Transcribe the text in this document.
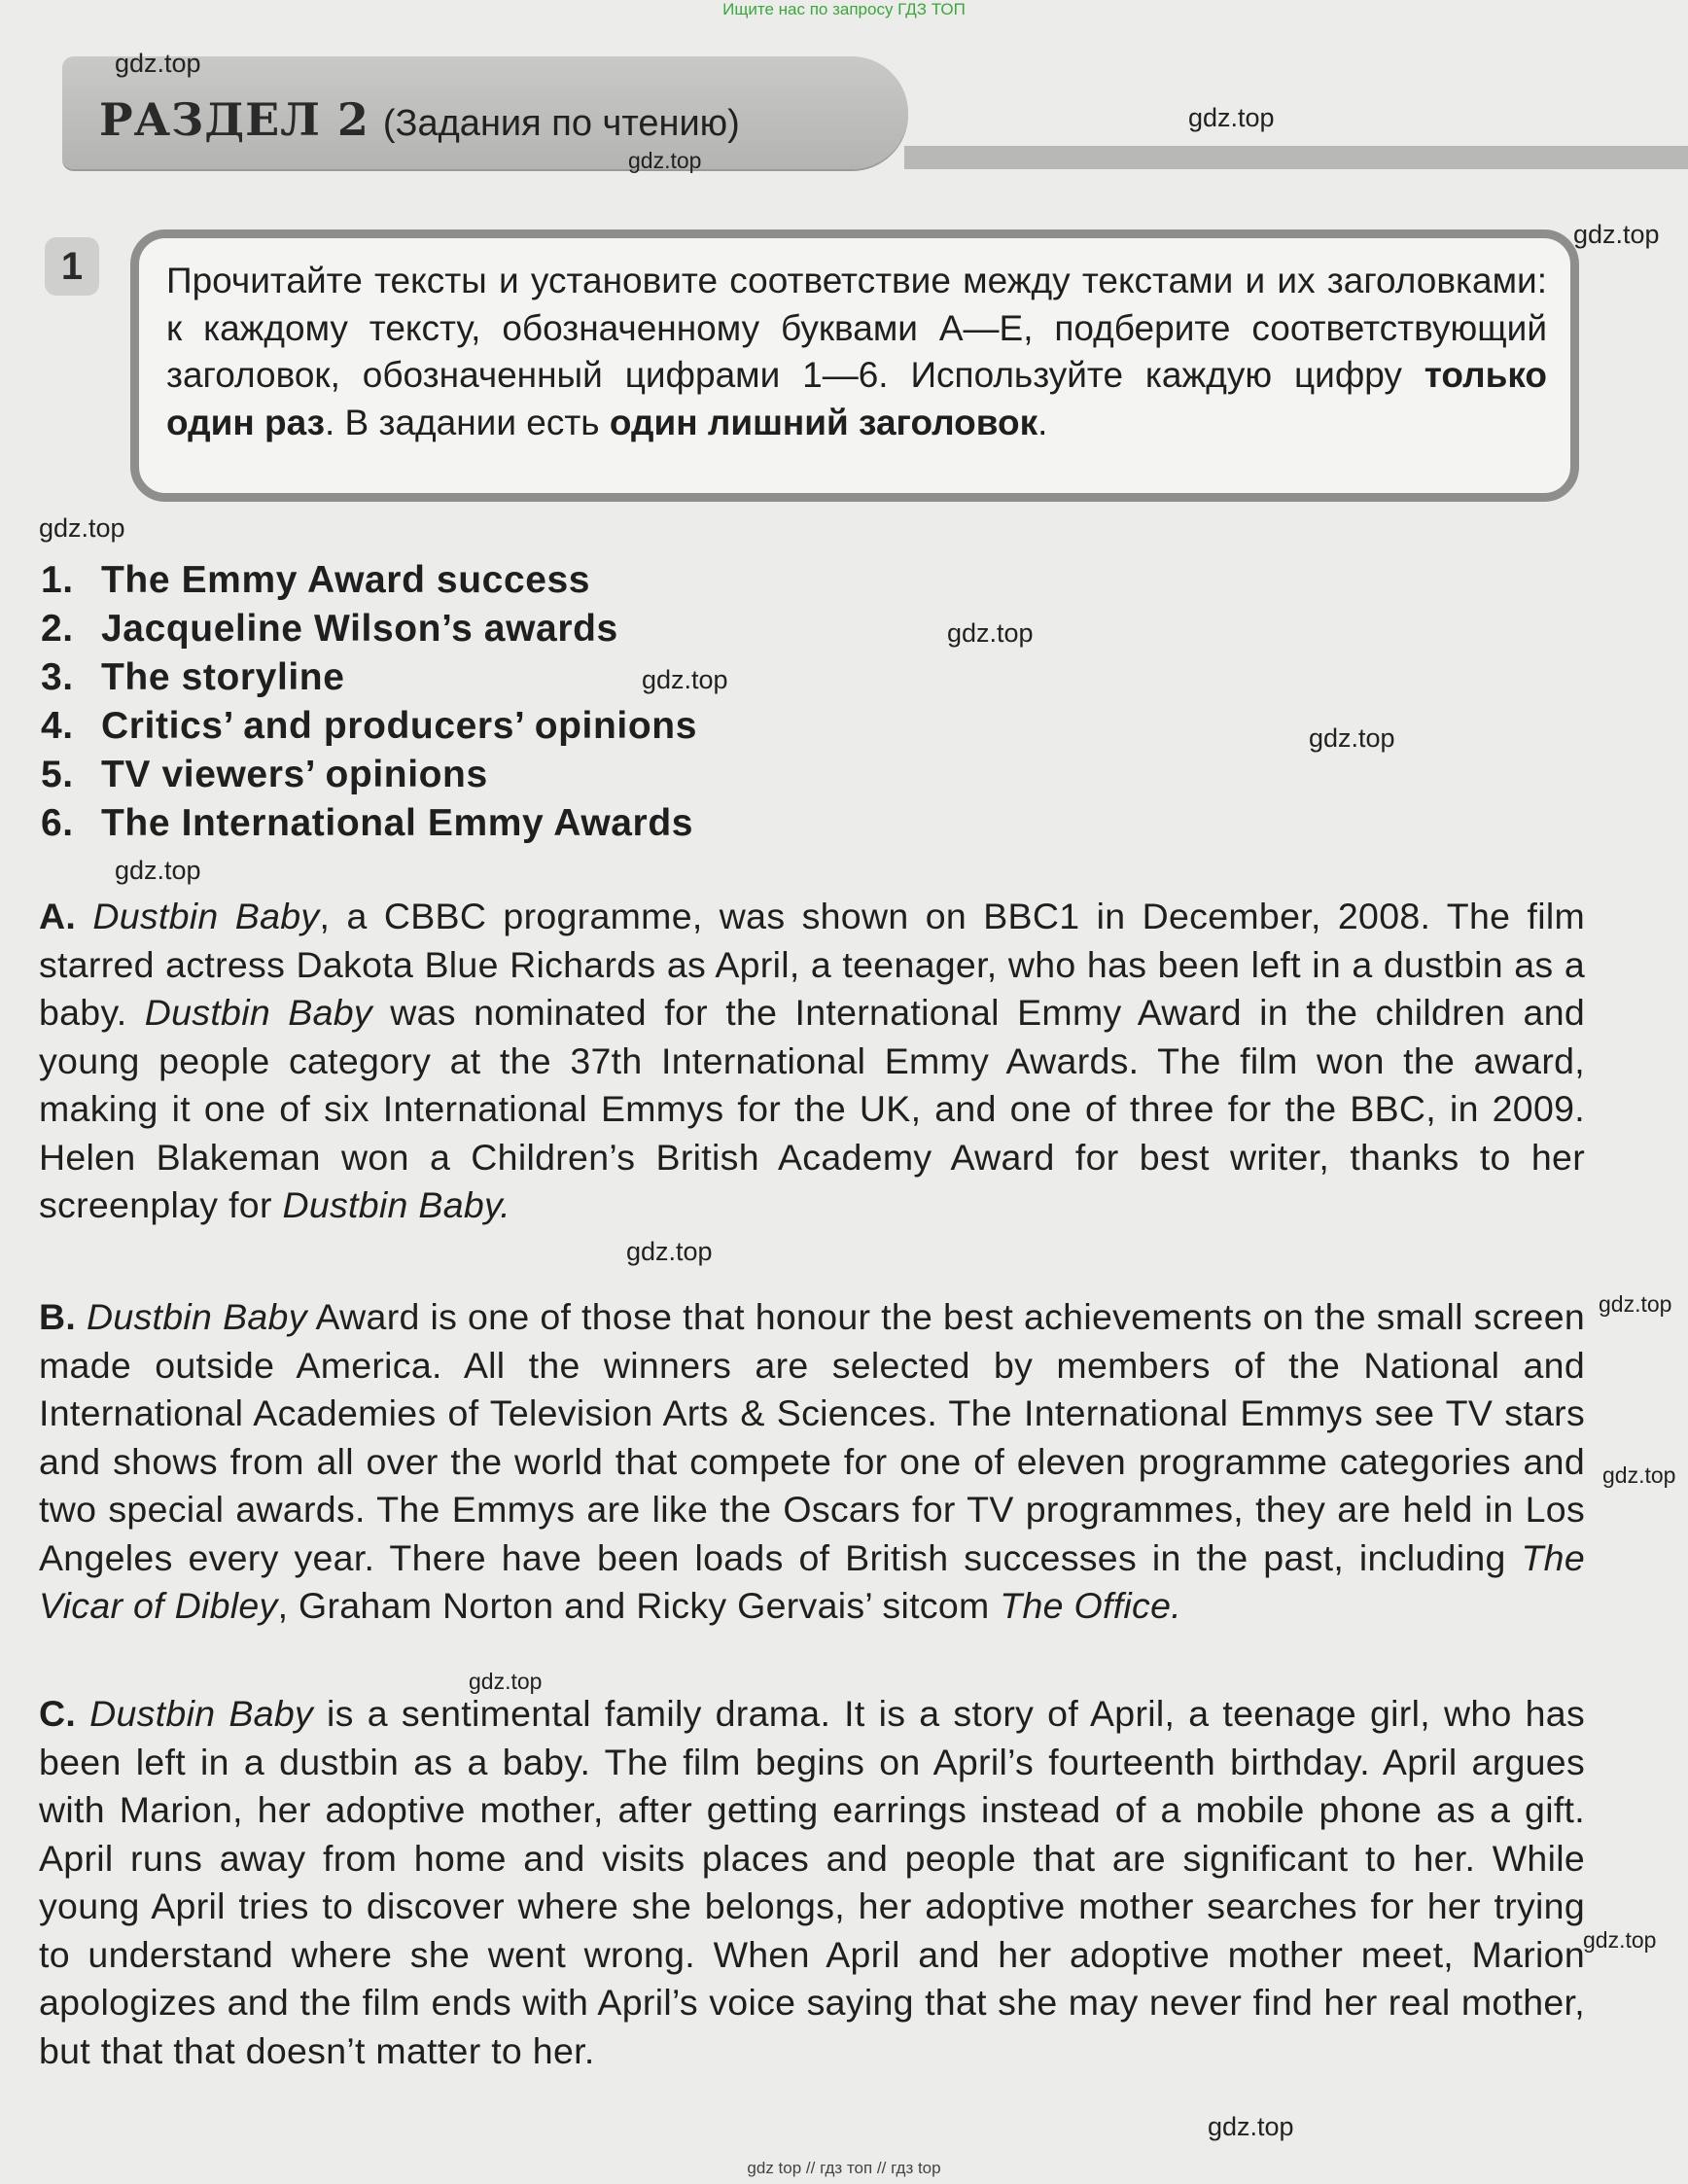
Ищите нас по запросу ГДЗ ТОП
РАЗДЕЛ 2 (Задания по чтению)
1	Прочитайте тексты и установите соответствие между текстами и их заголовками: к каждому тексту, обозначенному буквами А—Е, подберите соответствующий заголовок, обозначенный цифрами 1—6. Используйте каждую цифру только один раз. В задании есть один лишний заголовок.
1. The Emmy Award success
2. Jacqueline Wilson’s awards
3. The storyline
4. Critics’ and producers’ opinions
5. TV viewers’ opinions
6. The International Emmy Awards
A. Dustbin Baby, a CBBC programme, was shown on BBC1 in December, 2008. The film starred actress Dakota Blue Richards as April, a teenager, who has been left in a dustbin as a baby. Dustbin Baby was nominated for the International Emmy Award in the children and young people category at the 37th International Emmy Awards. The film won the award, making it one of six International Emmys for the UK, and one of three for the BBC, in 2009. Helen Blakeman won a Children’s British Academy Award for best writer, thanks to her screenplay for Dustbin Baby.
B. Dustbin Baby Award is one of those that honour the best achievements on the small screen made outside America. All the winners are selected by members of the National and International Academies of Television Arts & Sciences. The International Emmys see TV stars and shows from all over the world that compete for one of eleven programme categories and two special awards. The Emmys are like the Oscars for TV programmes, they are held in Los Angeles every year. There have been loads of British successes in the past, including The Vicar of Dibley, Graham Norton and Ricky Gervais’ sitcom The Office.
C. Dustbin Baby is a sentimental family drama. It is a story of April, a teenage girl, who has been left in a dustbin as a baby. The film begins on April’s fourteenth birthday. April argues with Marion, her adoptive mother, after getting earrings instead of a mobile phone as a gift. April runs away from home and visits places and people that are significant to her. While young April tries to discover where she belongs, her adoptive mother searches for her trying to understand where she went wrong. When April and her adoptive mother meet, Marion apologizes and the film ends with April’s voice saying that she may never find her real mother, but that that doesn’t matter to her.
gdz.top
gdz.top
gdz.top
gdz.top
gdz.top
gdz.top
gdz.top
gdz.top
gdz.top
gdz.top
gdz.top
gdz.top
gdz.top
gdz.top
gdz.top
gdz top // гдз топ // гдз top
